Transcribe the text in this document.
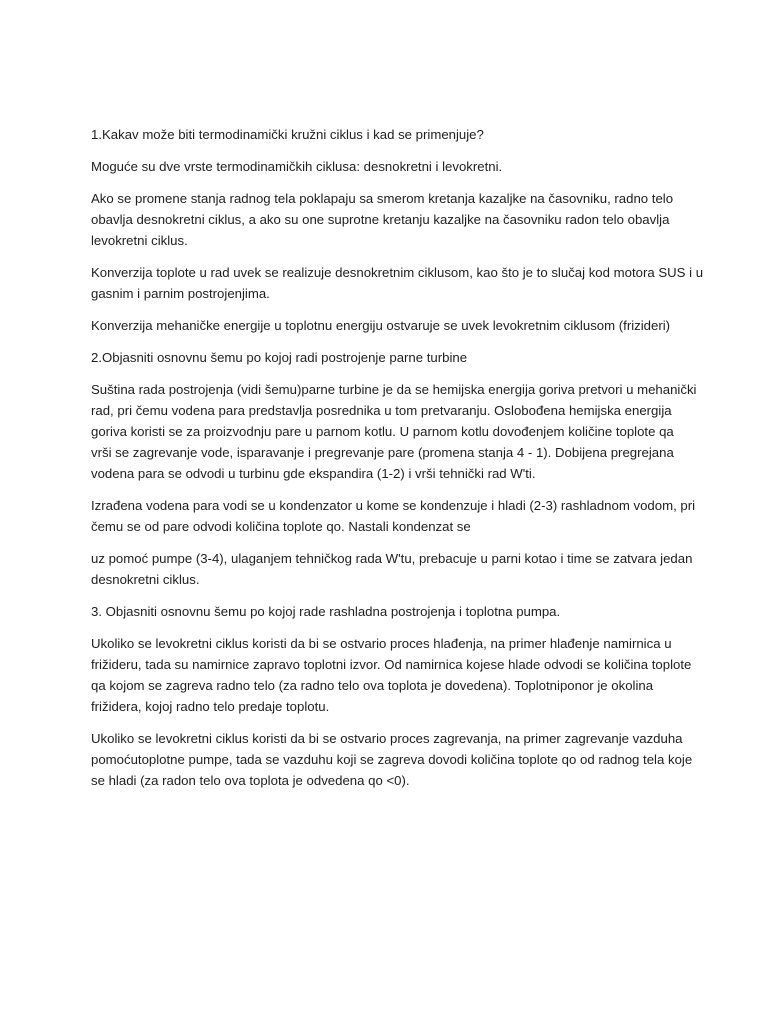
1.Kakav može biti termodinamički kružni ciklus i kad se primenjuje?

Moguće su dve vrste termodinamičkih ciklusa: desnokretni i levokretni.

Ako se promene stanja radnog tela poklapaju sa smerom kretanja kazaljke na časovniku, radno telo
obavlja desnokretni ciklus, a ako su one suprotne kretanju kazaljke na časovniku radon telo obavlja
levokretni ciklus.

Konverzija toplote u rad uvek se realizuje desnokretnim ciklusom, kao što je to slučaj kod motora SUS i u
gasnim i parnim postrojenjima.

Konverzija mehaničke energije u toplotnu energiju ostvaruje se uvek levokretnim ciklusom (frizideri)

2.Objasniti osnovnu šemu po kojoj radi postrojenje parne turbine

Suština rada postrojenja (vidi šemu)parne turbine je da se hemijska energija goriva pretvori u mehanički
rad, pri čemu vodena para predstavlja posrednika u tom pretvaranju. Oslobođena hemijska energija
goriva koristi se za proizvodnju pare u parnom kotlu. U parnom kotlu dovođenjem količine toplote qa
vrši se zagrevanje vode, isparavanje i pregrevanje pare (promena stanja 4 - 1). Dobijena pregrejana
vodena para se odvodi u turbinu gde ekspandira (1-2) i vrši tehnički rad W'ti.

Izrađena vodena para vodi se u kondenzator u kome se kondenzuje i hladi (2-3) rashladnom vodom, pri
čemu se od pare odvodi količina toplote qo. Nastali kondenzat se

uz pomoć pumpe (3-4), ulaganjem tehničkog rada W'tu, prebacuje u parni kotao i time se zatvara jedan
desnokretni ciklus.

3. Objasniti osnovnu šemu po kojoj rade rashladna postrojenja i toplotna pumpa.

Ukoliko se levokretni ciklus koristi da bi se ostvario proces hlađenja, na primer hlađenje namirnica u
frižideru, tada su namirnice zapravo toplotni izvor. Od namirnica kojese hlade odvodi se količina toplote
qa kojom se zagreva radno telo (za radno telo ova toplota je dovedena). Toplotniponor je okolina
frižidera, kojoj radno telo predaje toplotu.

Ukoliko se levokretni ciklus koristi da bi se ostvario proces zagrevanja, na primer zagrevanje vazduha
pomoćutoplotne pumpe, tada se vazduhu koji se zagreva dovodi količina toplote qo od radnog tela koje
se hladi (za radon telo ova toplota je odvedena qo <0).
